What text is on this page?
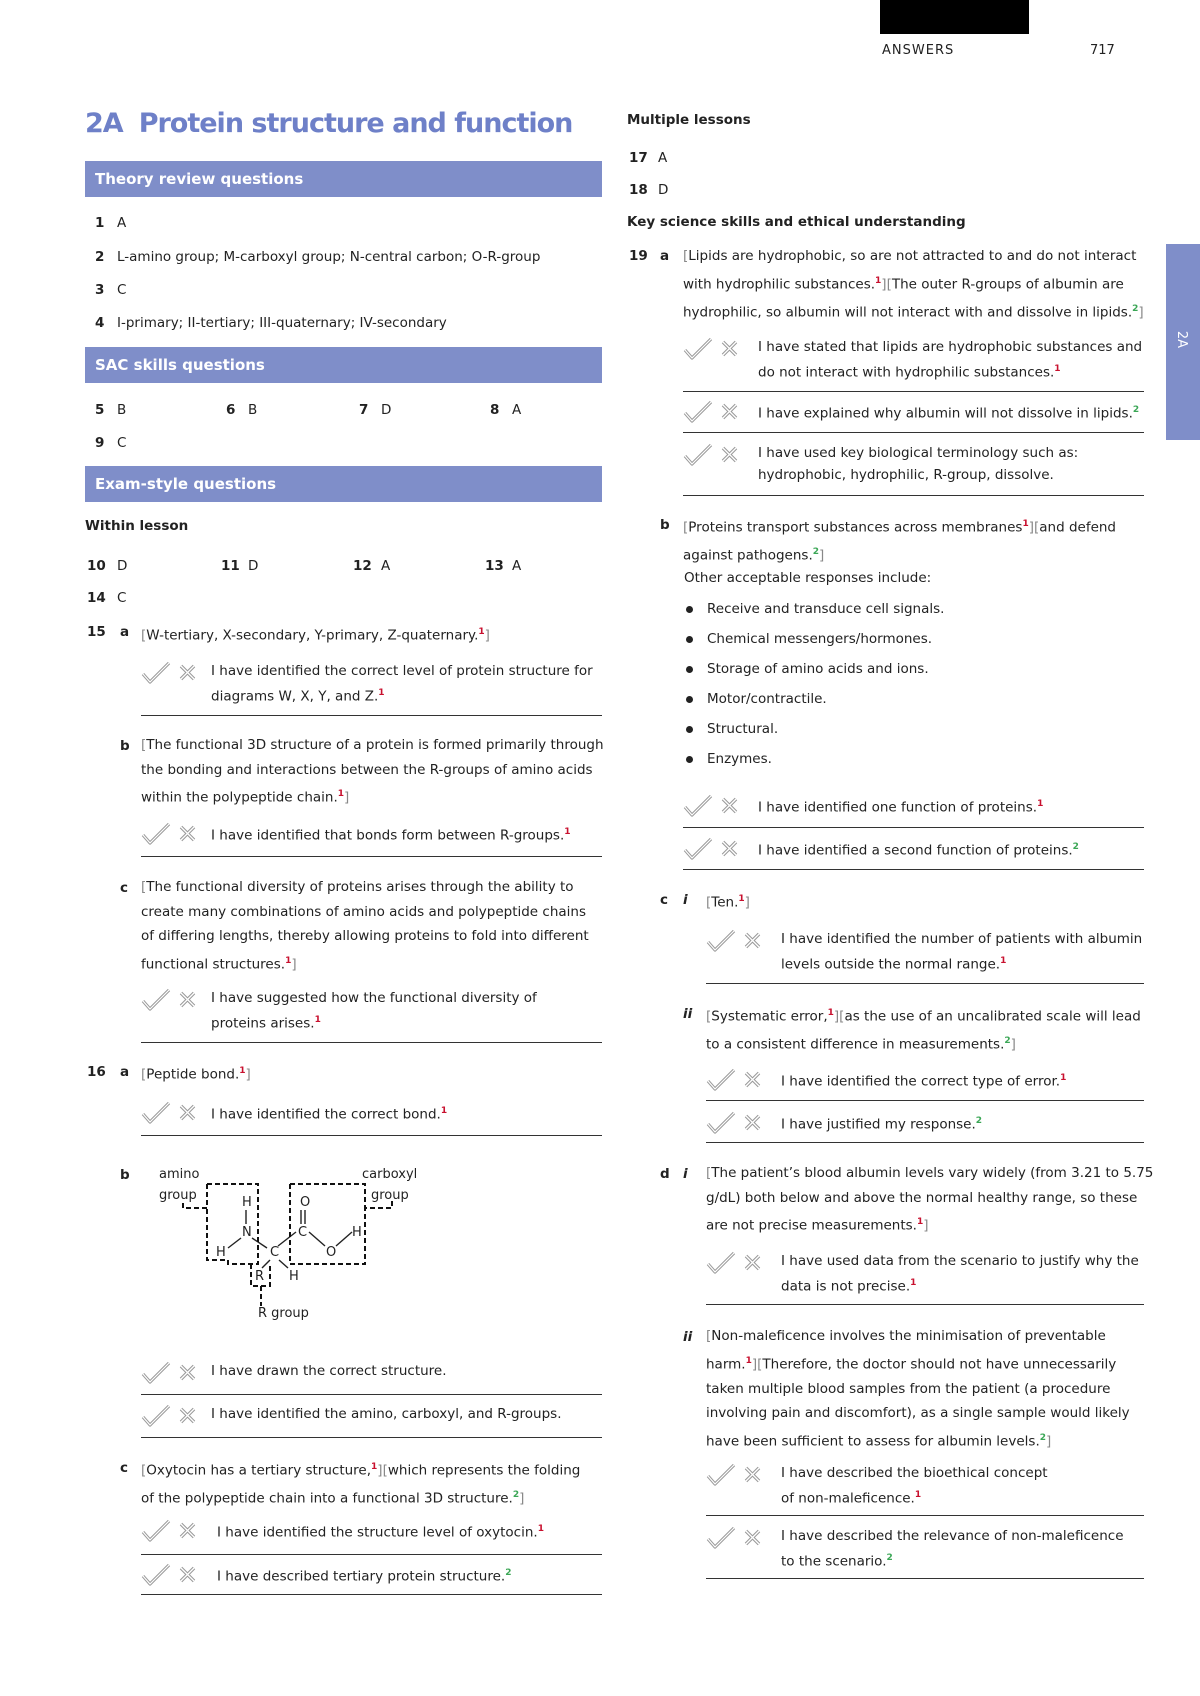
ANSWERS	717
2A
2A Protein structure and function
Theory review questions
1 A
2 L-amino group; M-carboxyl group; N-central carbon; O-R-group
3 C
4 I-primary; II-tertiary; III-quaternary; IV-secondary
SAC skills questions
5 B	6 B	7 D	8 A
9 C
Exam-style questions
Within lesson
10 D	11 D	12 A	13 A
14 C
15 a [W-tertiary, X-secondary, Y-primary, Z-quaternary.$^1$]
I have identified the correct level of protein structure for
diagrams W, X, Y, and Z.$^1$
b [The functional 3D structure of a protein is formed primarily through
the bonding and interactions between the R-groups of amino acids
within the polypeptide chain.$^1$]
I have identified that bonds form between R-groups.$^1$
c [The functional diversity of proteins arises through the ability to
create many combinations of amino acids and polypeptide chains
of differing lengths, thereby allowing proteins to fold into different
functional structures.$^1$]
I have suggested how the functional diversity of
proteins arises.$^1$
16 a [Peptide bond.$^1$]
I have identified the correct bond.$^1$
b amino
group
carboxyl
group
H
N
H	C
O
C
O
H
R H
R group
I have drawn the correct structure.
I have identified the amino, carboxyl, and R-groups.
c [Oxytocin has a tertiary structure,$^1$][which represents the folding
of the polypeptide chain into a functional 3D structure.$^2$]
I have identified the structure level of oxytocin.$^1$
I have described tertiary protein structure.$^2$
Multiple lessons
17 A
18 D
Key science skills and ethical understanding
19 a [Lipids are hydrophobic, so are not attracted to and do not interact
with hydrophilic substances.$^1$][The outer R-groups of albumin are
hydrophilic, so albumin will not interact with and dissolve in lipids.$^2$]
I have stated that lipids are hydrophobic substances and
do not interact with hydrophilic substances.$^1$
I have explained why albumin will not dissolve in lipids.$^2$
I have used key biological terminology such as:
hydrophobic, hydrophilic, R-group, dissolve.
b [Proteins transport substances across membranes$^1$][and defend
against pathogens.$^2$]
Other acceptable responses include:
Receive and transduce cell signals.
Chemical messengers/hormones.
Storage of amino acids and ions.
Motor/contractile.
Structural.
Enzymes.
I have identified one function of proteins.$^1$
I have identified a second function of proteins.$^2$
c i [Ten.$^1$]
I have identified the number of patients with albumin
levels outside the normal range.$^1$
ii [Systematic error,$^1$][as the use of an uncalibrated scale will lead
to a consistent difference in measurements.$^2$]
I have identified the correct type of error.$^1$
I have justified my response.$^2$
d i [The patient’s blood albumin levels vary widely (from 3.21 to 5.75
g/dL) both below and above the normal healthy range, so these
are not precise measurements.$^1$]
I have used data from the scenario to justify why the
data is not precise.$^1$
ii [Non-maleficence involves the minimisation of preventable
harm.$^1$][Therefore, the doctor should not have unnecessarily
taken multiple blood samples from the patient (a procedure
involving pain and discomfort), as a single sample would likely
have been sufficient to assess for albumin levels.$^2$]
I have described the bioethical concept
of non-maleficence.$^1$
I have described the relevance of non-maleficence
to the scenario.$^2$
